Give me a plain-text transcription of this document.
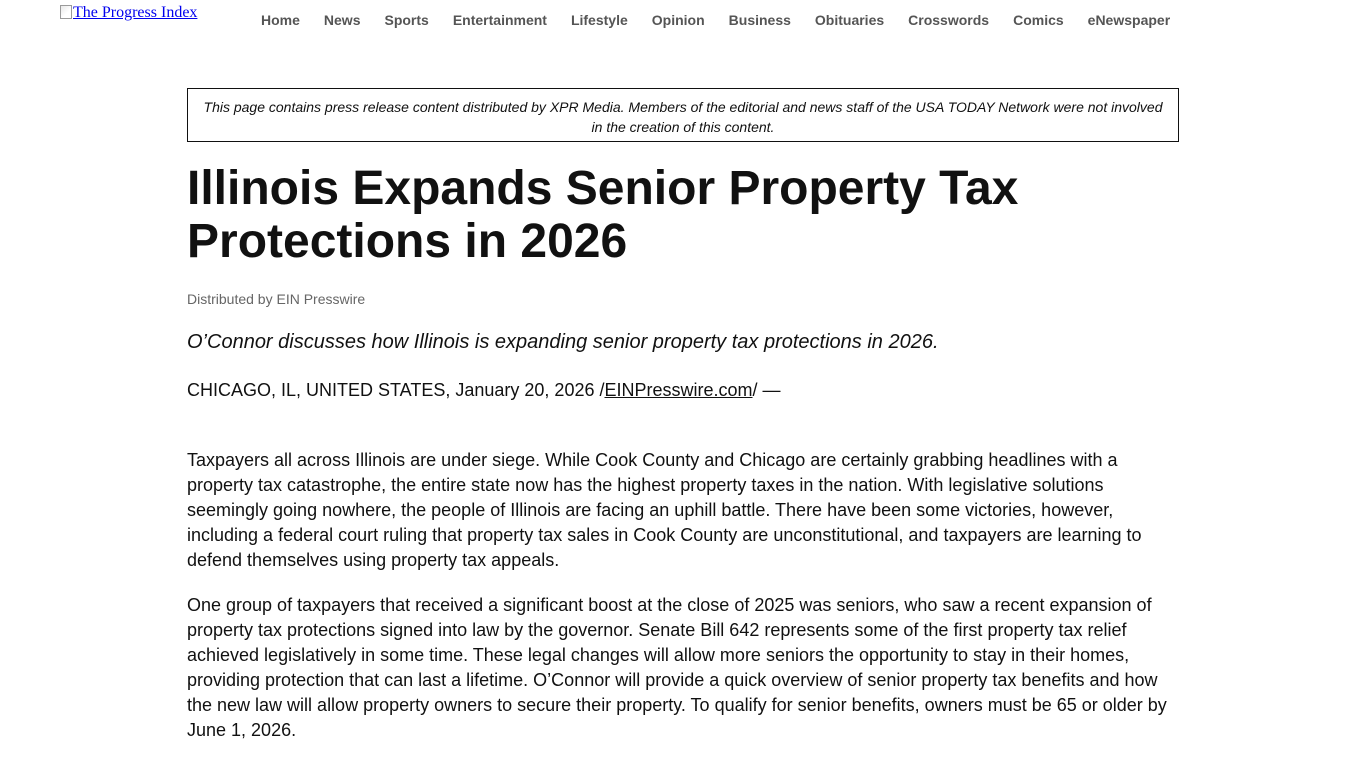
The Progress Index	Home	News	Sports	Entertainment	Lifestyle	Opinion	Business	Obituaries	Crosswords	Comics	eNewspaper
This page contains press release content distributed by XPR Media. Members of the editorial and news staff of the USA TODAY Network were not involved in the creation of this content.
Illinois Expands Senior Property Tax Protections in 2026
Distributed by EIN Presswire

O’Connor discusses how Illinois is expanding senior property tax protections in 2026.

CHICAGO, IL, UNITED STATES, January 20, 2026 /EINPresswire.com/ —

Taxpayers all across Illinois are under siege. While Cook County and Chicago are certainly grabbing headlines with a property tax catastrophe, the entire state now has the highest property taxes in the nation. With legislative solutions seemingly going nowhere, the people of Illinois are facing an uphill battle. There have been some victories, however, including a federal court ruling that property tax sales in Cook County are unconstitutional, and taxpayers are learning to defend themselves using property tax appeals.

One group of taxpayers that received a significant boost at the close of 2025 was seniors, who saw a recent expansion of property tax protections signed into law by the governor. Senate Bill 642 represents some of the first property tax relief achieved legislatively in some time. These legal changes will allow more seniors the opportunity to stay in their homes, providing protection that can last a lifetime. O’Connor will provide a quick overview of senior property tax benefits and how the new law will allow property owners to secure their property. To qualify for senior benefits, owners must be 65 or older by June 1, 2026.
